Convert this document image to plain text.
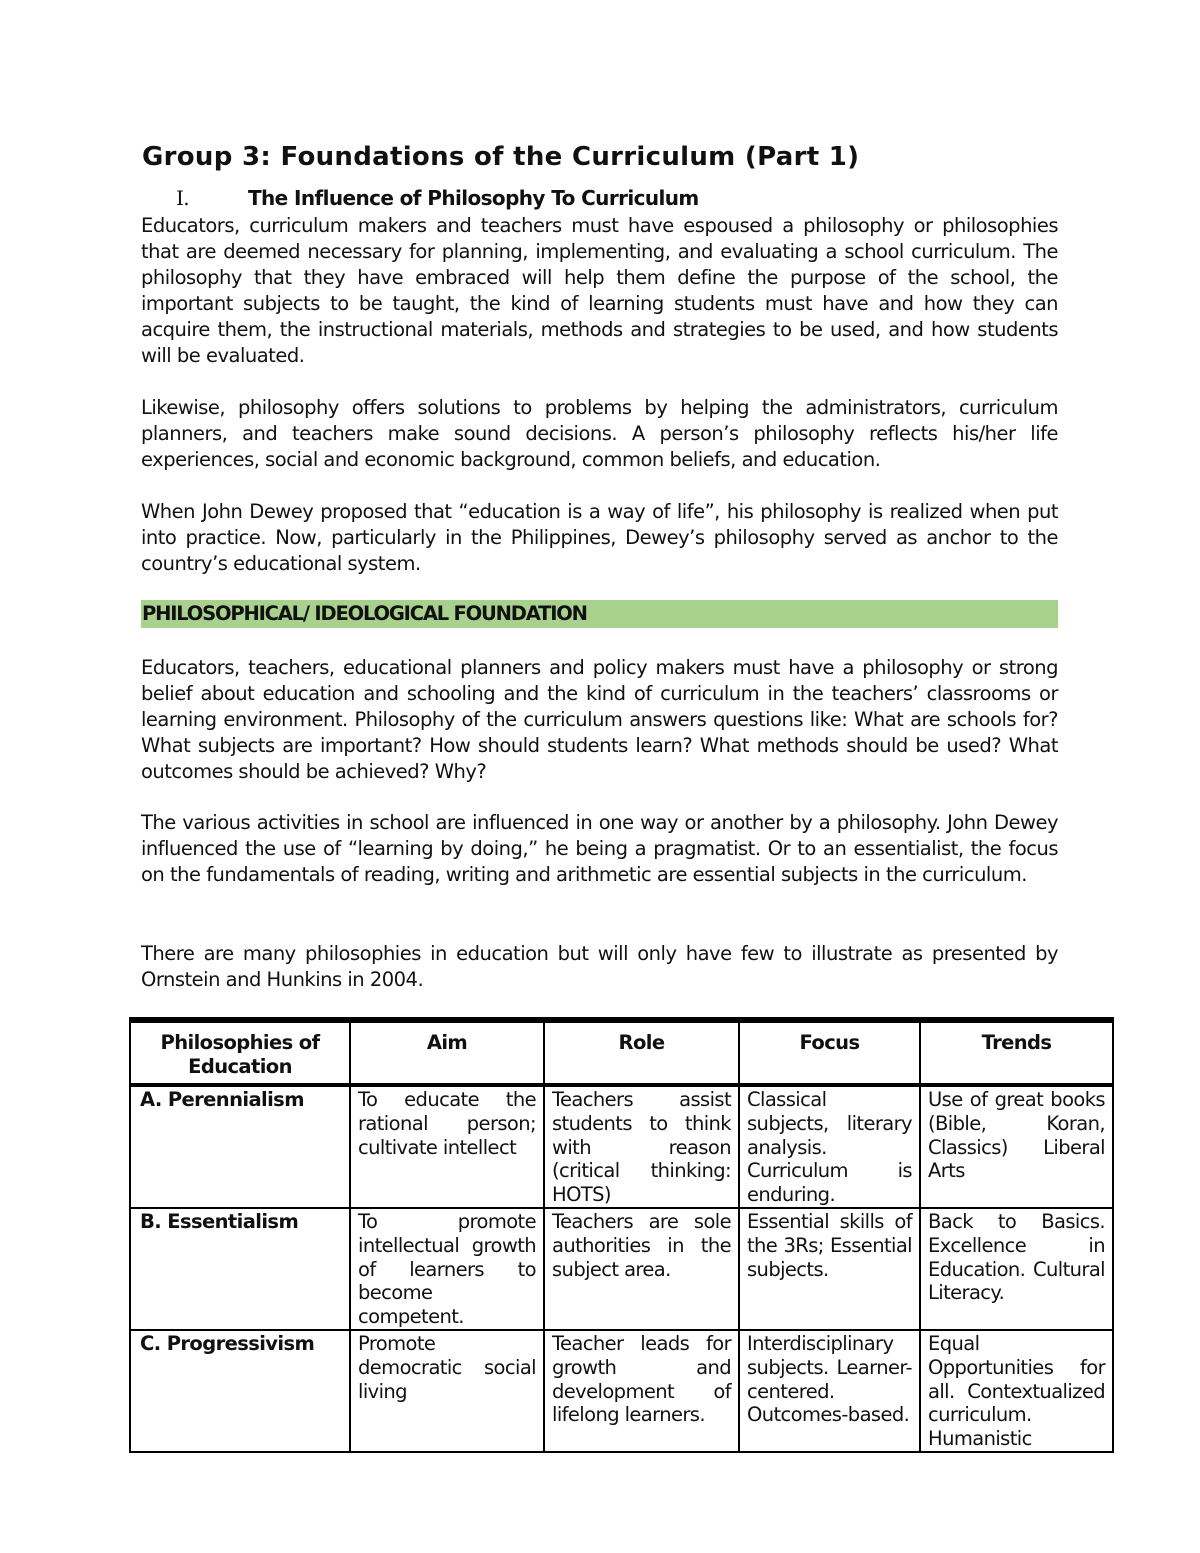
Group 3: Foundations of the Curriculum (Part 1)
I.	The Influence of Philosophy To Curriculum

Educators, curriculum makers and teachers must have espoused a philosophy or philosophies that are deemed necessary for planning, implementing, and evaluating a school curriculum. The philosophy that they have embraced will help them define the purpose of the school, the important subjects to be taught, the kind of learning students must have and how they can acquire them, the instructional materials, methods and strategies to be used, and how students will be evaluated.

Likewise, philosophy offers solutions to problems by helping the administrators, curriculum planners, and teachers make sound decisions. A person’s philosophy reflects his/her life experiences, social and economic background, common beliefs, and education.

When John Dewey proposed that “education is a way of life”, his philosophy is realized when put into practice. Now, particularly in the Philippines, Dewey’s philosophy served as anchor to the country’s educational system.

PHILOSOPHICAL/ IDEOLOGICAL FOUNDATION

Educators, teachers, educational planners and policy makers must have a philosophy or strong belief about education and schooling and the kind of curriculum in the teachers’ classrooms or learning environment. Philosophy of the curriculum answers questions like: What are schools for? What subjects are important? How should students learn? What methods should be used? What outcomes should be achieved? Why?

The various activities in school are influenced in one way or another by a philosophy. John Dewey influenced the use of “learning by doing,” he being a pragmatist. Or to an essentialist, the focus on the fundamentals of reading, writing and arithmetic are essential subjects in the curriculum.

There are many philosophies in education but will only have few to illustrate as presented by Ornstein and Hunkins in 2004.

Philosophies of Education	Aim	Role	Focus	Trends
A. Perennialism	To educate the rational person; cultivate intellect	Teachers assist students to think with reason (critical thinking: HOTS)	Classical subjects, literary analysis. Curriculum is enduring.	Use of great books (Bible, Koran, Classics) Liberal Arts
B. Essentialism	To promote intellectual growth of learners to become competent.	Teachers are sole authorities in the subject area.	Essential skills of the 3Rs; Essential subjects.	Back to Basics. Excellence in Education. Cultural Literacy.
C. Progressivism	Promote democratic social living	Teacher leads for growth and development of lifelong learners.	Interdisciplinary subjects. Learner-centered. Outcomes-based.	Equal Opportunities for all. Contextualized curriculum. Humanistic
